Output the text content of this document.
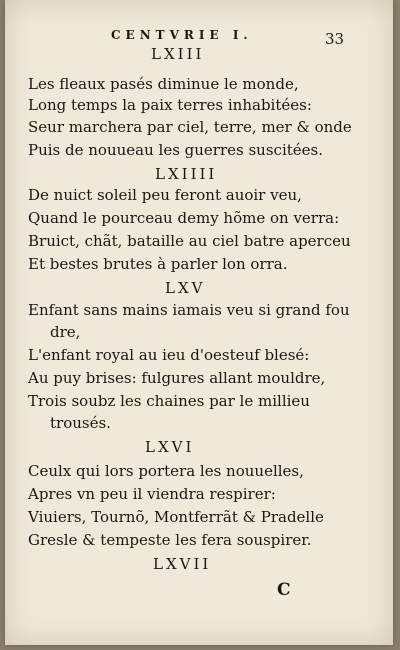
CENTVRIE I.	33
LXIII
Les fleaux pasés diminue le monde,
Long temps la paix terres inhabitées:
Seur marchera par ciel, terre, mer & onde
Puis de nouueau les guerres suscitées.
LXIIII
De nuict soleil peu feront auoir veu,
Quand le pourceau demy hõme on verra:
Bruict, chãt, bataille au ciel batre aperceu
Et bestes brutes à parler lon orra.
LXV
Enfant sans mains iamais veu si grand fou
dre,
L'enfant royal au ieu d'oesteuf blesé:
Au puy brises: fulgures allant mouldre,
Trois soubz les chaines par le millieu
trousés.
LXVI
Ceulx qui lors portera les nouuelles,
Apres vn peu il viendra respirer:
Viuiers, Tournõ, Montferrãt & Pradelle
Gresle & tempeste les fera souspirer.
LXVII
C
